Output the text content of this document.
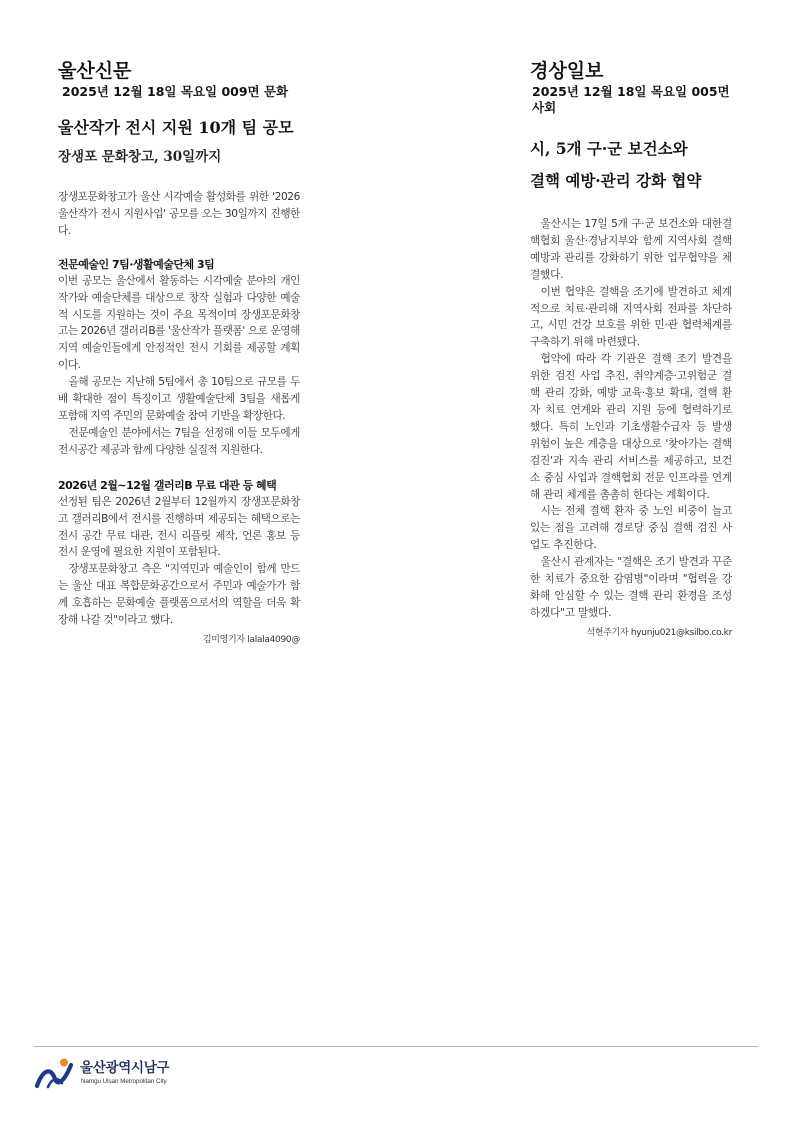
울산신문
2025년 12월 18일 목요일 009면 문화
울산작가 전시 지원 10개 팀 공모
장생포 문화창고, 30일까지

장생포문화창고가 울산 시각예술 활성화를 위한 '2026 울산작가 전시 지원사업' 공모를 오는 30일까지 진행한다.

전문예술인 7팀·생활예술단체 3팀

이번 공모는 울산에서 활동하는 시각예술 분야의 개인 작가와 예술단체를 대상으로 창작 실험과 다양한 예술적 시도를 지원하는 것이 주요 목적이며 장생포문화창고는 2026년 갤러리B를 '울산작가 플랫폼' 으로 운영해 지역 예술인들에게 안정적인 전시 기회를 제공할 계획이다.

올해 공모는 지난해 5팀에서 총 10팀으로 규모를 두 배 확대한 점이 특징이고 생활예술단체 3팀을 새롭게 포함해 지역 주민의 문화예술 참여 기반을 확장한다.

전문예술인 분야에서는 7팀을 선정해 이들 모두에게 전시공간 제공과 함께 다양한 실질적 지원한다.

2026년 2월~12월 갤러리B 무료 대관 등 혜택

선정된 팀은 2026년 2월부터 12월까지 장생포문화창고 갤러리B에서 전시를 진행하며 제공되는 혜택으로는 전시 공간 무료 대관, 전시 리플릿 제작, 언론 홍보 등 전시 운영에 필요한 지원이 포함된다.

장생포문화창고 측은 "지역민과 예술인이 함께 만드는 울산 대표 복합문화공간으로서 주민과 예술가가 함께 호흡하는 문화예술 플랫폼으로서의 역할을 더욱 확장해 나갈 것"이라고 했다.

김미영기자 lalala4090@
경상일보
2025년 12월 18일 목요일 005면 사회
시, 5개 구·군 보건소와
결핵 예방·관리 강화 협약

울산시는 17일 5개 구·군 보건소와 대한결핵협회 울산·경남지부와 함께 지역사회 결핵 예방과 관리를 강화하기 위한 업무협약을 체결했다.

이번 협약은 결핵을 조기에 발견하고 체계적으로 치료·관리해 지역사회 전파를 차단하고, 시민 건강 보호를 위한 민·관 협력체계를 구축하기 위해 마련됐다.

협약에 따라 각 기관은 결핵 조기 발견을 위한 검진 사업 추진, 취약계층·고위험군 결핵 관리 강화, 예방 교육·홍보 확대, 결핵 환자 치료 연계와 관리 지원 등에 협력하기로 했다. 특히 노인과 기초생활수급자 등 발생 위험이 높은 계층을 대상으로 '찾아가는 결핵 검진'과 지속 관리 서비스를 제공하고, 보건소 중심 사업과 결핵협회 전문 인프라를 연계해 관리 체계를 촘촘히 한다는 계획이다.

시는 전체 결핵 환자 중 노인 비중이 늘고 있는 점을 고려해 경로당 중심 결핵 검진 사업도 추진한다.

울산시 관계자는 "결핵은 조기 발견과 꾸준한 치료가 중요한 감염병"이라며 "협력을 강화해 안심할 수 있는 결핵 관리 환경을 조성하겠다"고 말했다.

석현주기자 hyunju021@ksilbo.co.kr
울산광역시남구
Namgu Ulsan Metropolitan City
